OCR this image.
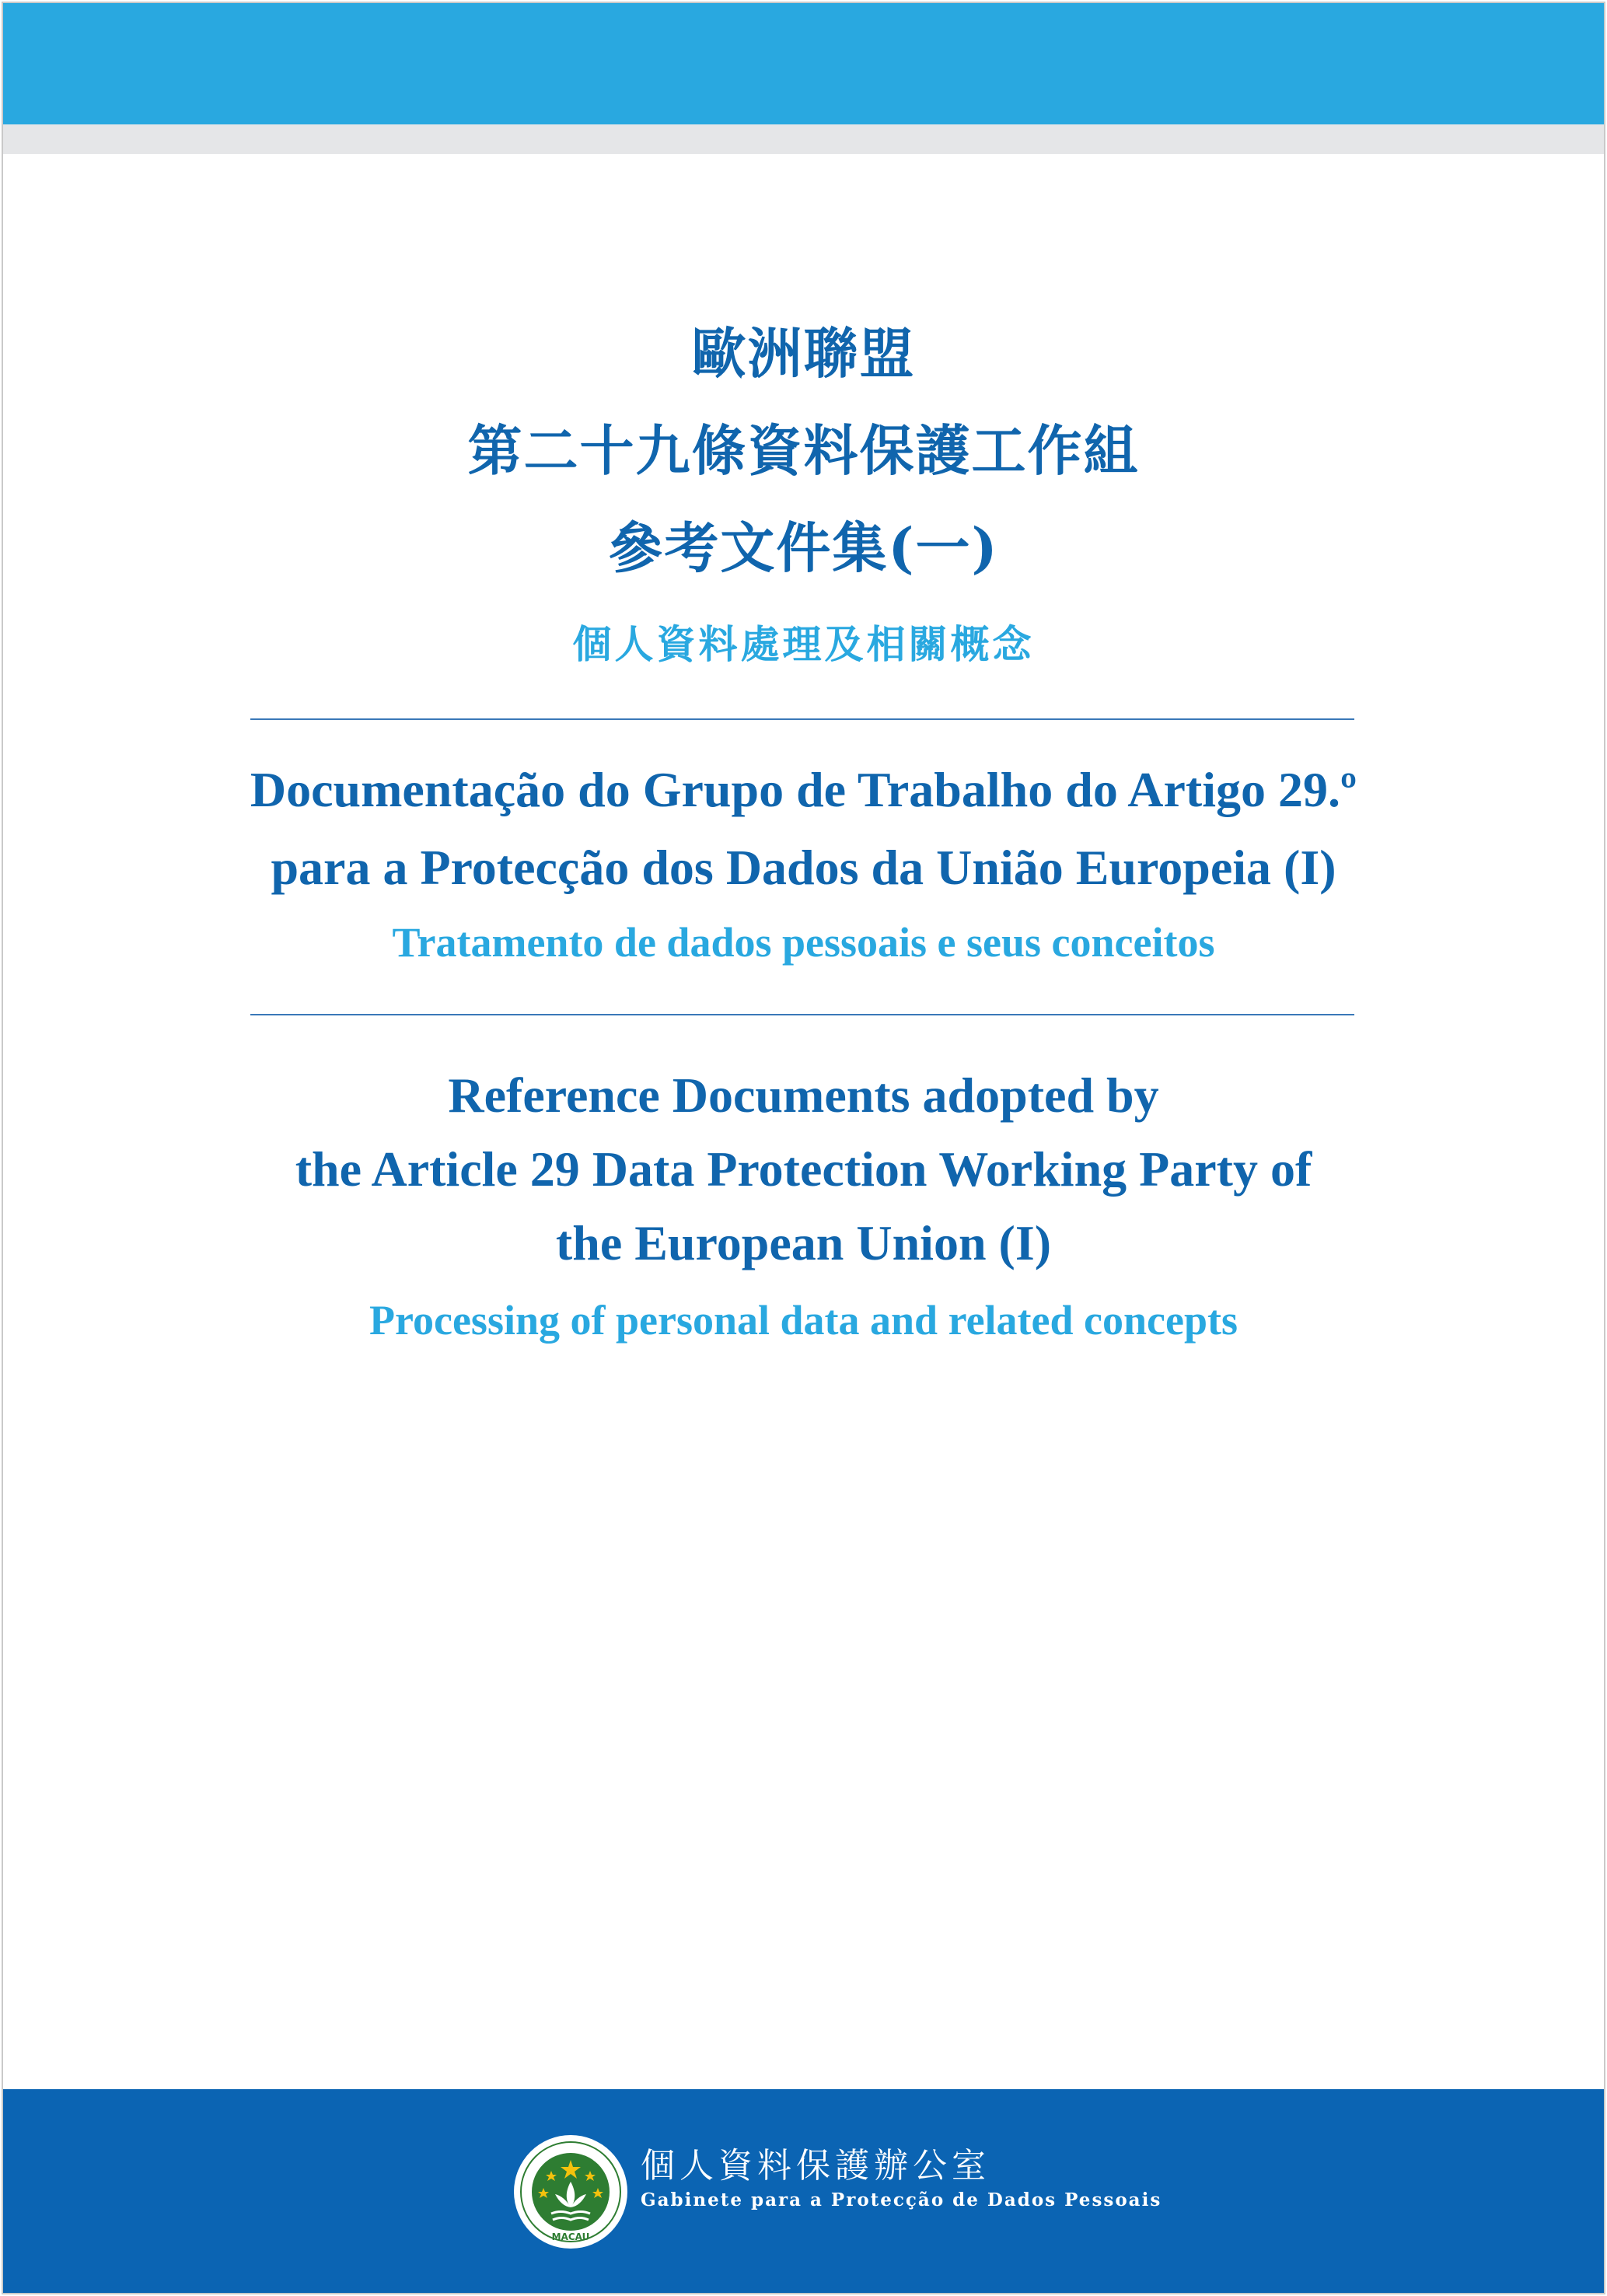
歐洲聯盟
第二十九條資料保護工作組
參考文件集(一)
個人資料處理及相關概念
Documentação do Grupo de Trabalho do Artigo 29.º
para a Protecção dos Dados da União Europeia (I)
Tratamento de dados pessoais e seus conceitos
Reference Documents adopted by
the Article 29 Data Protection Working Party of
the European Union (I)
Processing of personal data and related concepts
MACAU
個人資料保護辦公室
Gabinete para a Protecção de Dados Pessoais
